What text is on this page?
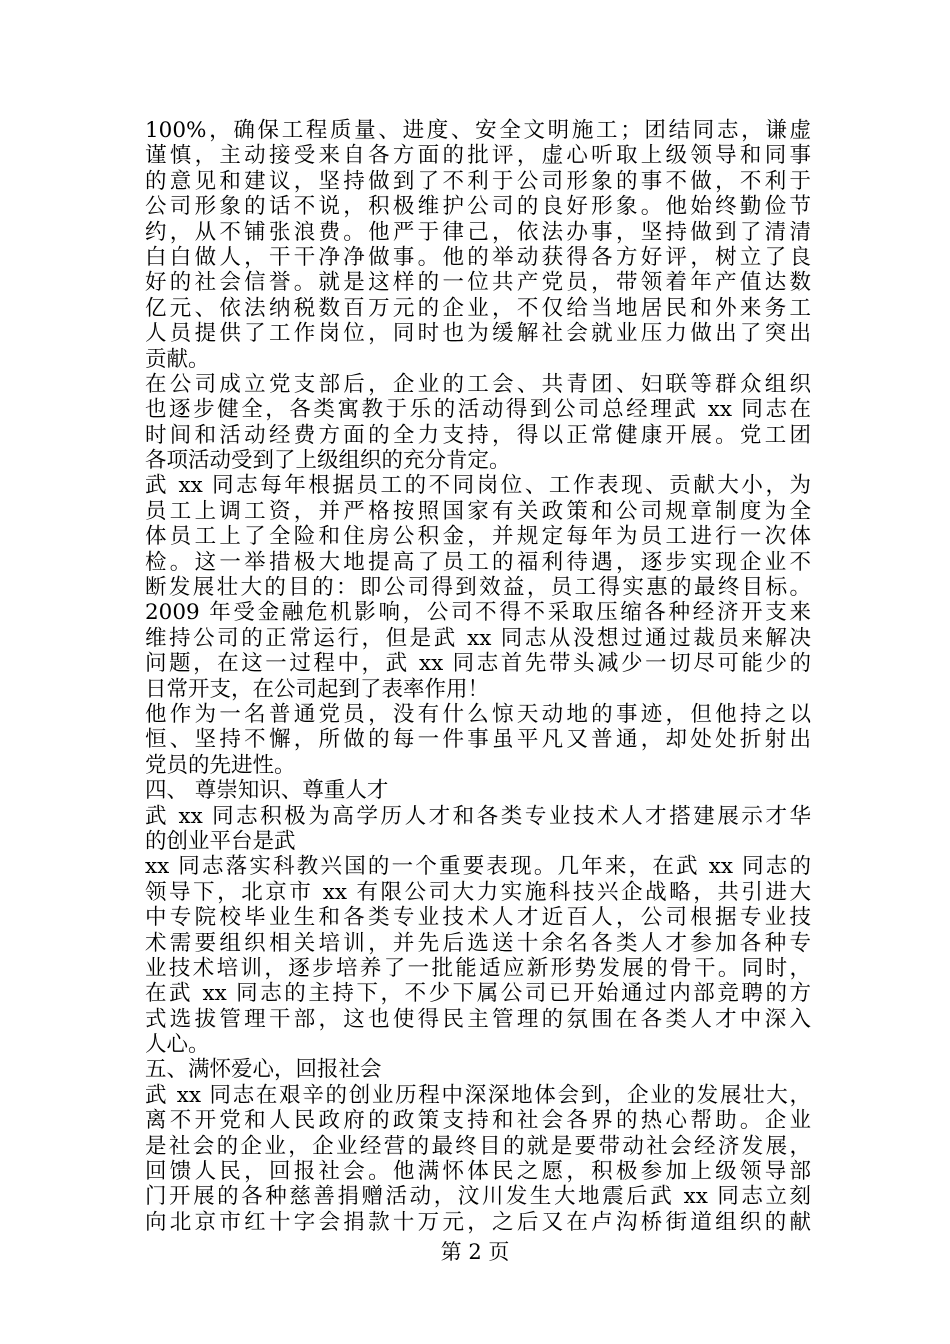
100%，确保工程质量、进度、安全文明施工；团结同志，谦虚
谨慎，主动接受来自各方面的批评，虚心听取上级领导和同事
的意见和建议，坚持做到了不利于公司形象的事不做，不利于
公司形象的话不说，积极维护公司的良好形象。他始终勤俭节
约，从不铺张浪费。他严于律己，依法办事，坚持做到了清清
白白做人，干干净净做事。他的举动获得各方好评，树立了良
好的社会信誉。就是这样的一位共产党员，带领着年产值达数
亿元、依法纳税数百万元的企业，不仅给当地居民和外来务工
人员提供了工作岗位，同时也为缓解社会就业压力做出了突出
贡献。
在公司成立党支部后，企业的工会、共青团、妇联等群众组织
也逐步健全，各类寓教于乐的活动得到公司总经理武 xx 同志在
时间和活动经费方面的全力支持，得以正常健康开展。党工团
各项活动受到了上级组织的充分肯定。
武 xx 同志每年根据员工的不同岗位、工作表现、贡献大小，为
员工上调工资，并严格按照国家有关政策和公司规章制度为全
体员工上了全险和住房公积金，并规定每年为员工进行一次体
检。这一举措极大地提高了员工的福利待遇，逐步实现企业不
断发展壮大的目的：即公司得到效益，员工得实惠的最终目标。
2009 年受金融危机影响，公司不得不采取压缩各种经济开支来
维持公司的正常运行，但是武 xx 同志从没想过通过裁员来解决
问题，在这一过程中，武 xx 同志首先带头减少一切尽可能少的
日常开支，在公司起到了表率作用！
他作为一名普通党员，没有什么惊天动地的事迹，但他持之以
恒、坚持不懈，所做的每一件事虽平凡又普通，却处处折射出
党员的先进性。
四、 尊崇知识、尊重人才
武 xx 同志积极为高学历人才和各类专业技术人才搭建展示才华
的创业平台是武
xx 同志落实科教兴国的一个重要表现。几年来，在武 xx 同志的
领导下，北京市 xx 有限公司大力实施科技兴企战略，共引进大
中专院校毕业生和各类专业技术人才近百人，公司根据专业技
术需要组织相关培训，并先后选送十余名各类人才参加各种专
业技术培训，逐步培养了一批能适应新形势发展的骨干。同时，
在武 xx 同志的主持下，不少下属公司已开始通过内部竞聘的方
式选拔管理干部，这也使得民主管理的氛围在各类人才中深入
人心。
五、满怀爱心，回报社会
武 xx 同志在艰辛的创业历程中深深地体会到，企业的发展壮大，
离不开党和人民政府的政策支持和社会各界的热心帮助。企业
是社会的企业，企业经营的最终目的就是要带动社会经济发展，
回馈人民，回报社会。他满怀体民之愿，积极参加上级领导部
门开展的各种慈善捐赠活动，汶川发生大地震后武 xx 同志立刻
向北京市红十字会捐款十万元，之后又在卢沟桥街道组织的献
第 2 页
